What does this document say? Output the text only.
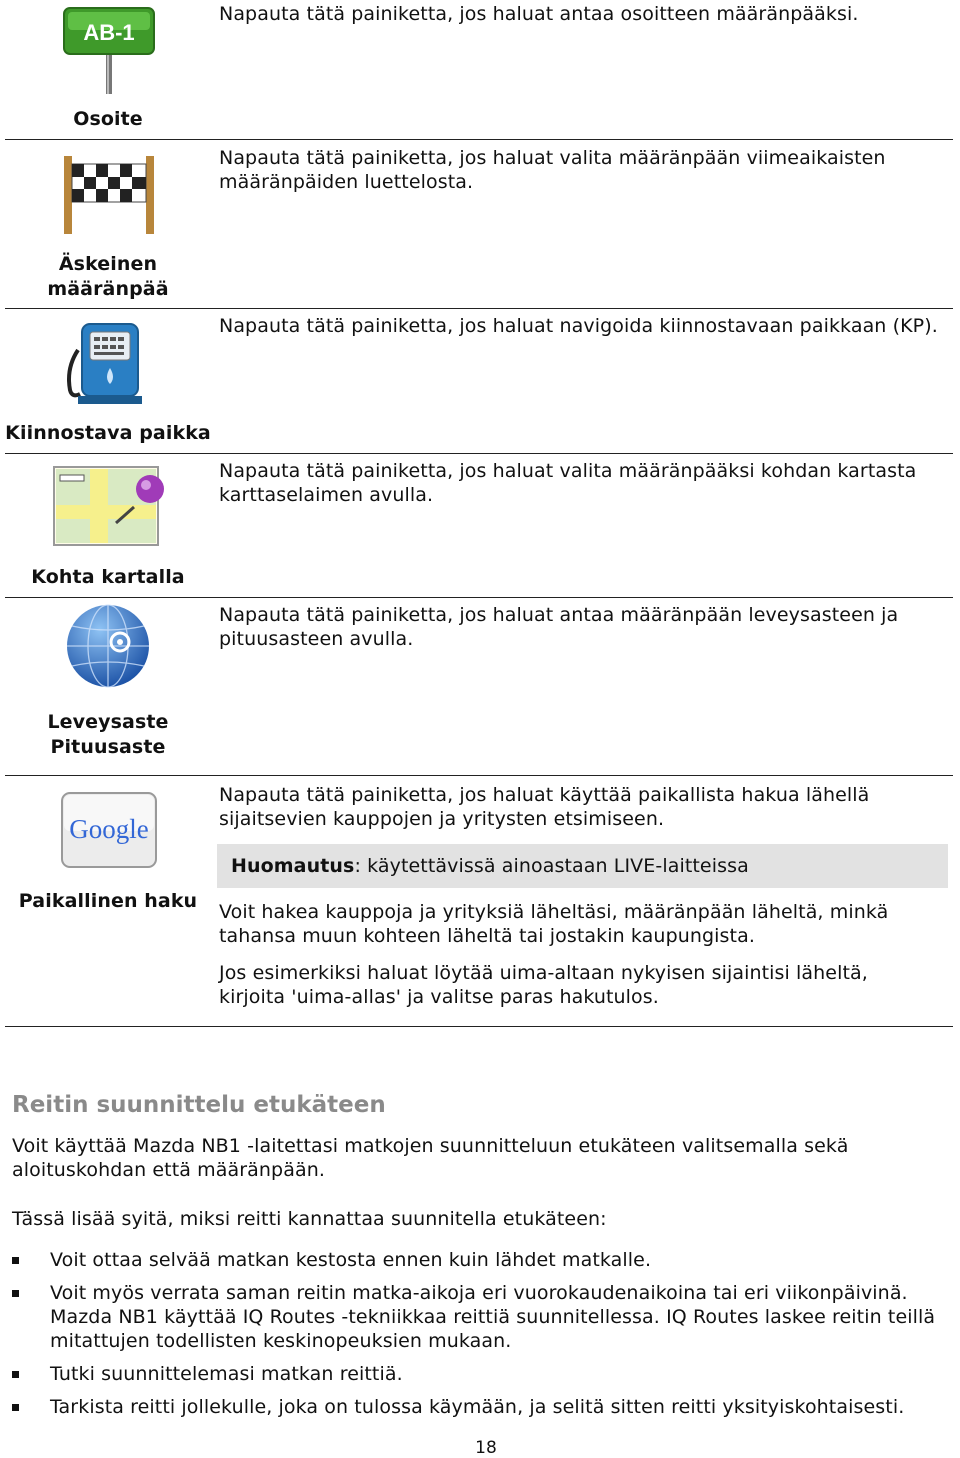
AB-1
Osoite
Napauta tätä painiketta, jos haluat antaa osoitteen määränpääksi.
Äskeinen
määränpää
Napauta tätä painiketta, jos haluat valita määränpään viimeaikaisten määränpäiden luettelosta.
Kiinnostava paikka
Napauta tätä painiketta, jos haluat navigoida kiinnostavaan paikkaan (KP).
Kohta kartalla
Napauta tätä painiketta, jos haluat valita määränpääksi kohdan kartasta karttaselaimen avulla.
Leveysaste
Pituusaste
Napauta tätä painiketta, jos haluat antaa määränpään leveysasteen ja pituusasteen avulla.
Google
Paikallinen haku
Napauta tätä painiketta, jos haluat käyttää paikallista hakua lähellä sijaitsevien kauppojen ja yritysten etsimiseen.
Huomautus: käytettävissä ainoastaan LIVE-laitteissa
Voit hakea kauppoja ja yrityksiä läheltäsi, määränpään läheltä, minkä tahansa muun kohteen läheltä tai jostakin kaupungista.
Jos esimerkiksi haluat löytää uima-altaan nykyisen sijaintisi läheltä, kirjoita 'uima-allas' ja valitse paras hakutulos.
Reitin suunnittelu etukäteen
Voit käyttää Mazda NB1 -laitettasi matkojen suunnitteluun etukäteen valitsemalla sekä aloituskohdan että määränpään.
Tässä lisää syitä, miksi reitti kannattaa suunnitella etukäteen:
Voit ottaa selvää matkan kestosta ennen kuin lähdet matkalle.
Voit myös verrata saman reitin matka-aikoja eri vuorokaudenaikoina tai eri viikonpäivinä. Mazda NB1 käyttää IQ Routes -tekniikkaa reittiä suunnitellessa. IQ Routes laskee reitin teillä mitattujen todellisten keskinopeuksien mukaan.
Tutki suunnittelemasi matkan reittiä.
Tarkista reitti jollekulle, joka on tulossa käymään, ja selitä sitten reitti yksityiskohtaisesti.
18
